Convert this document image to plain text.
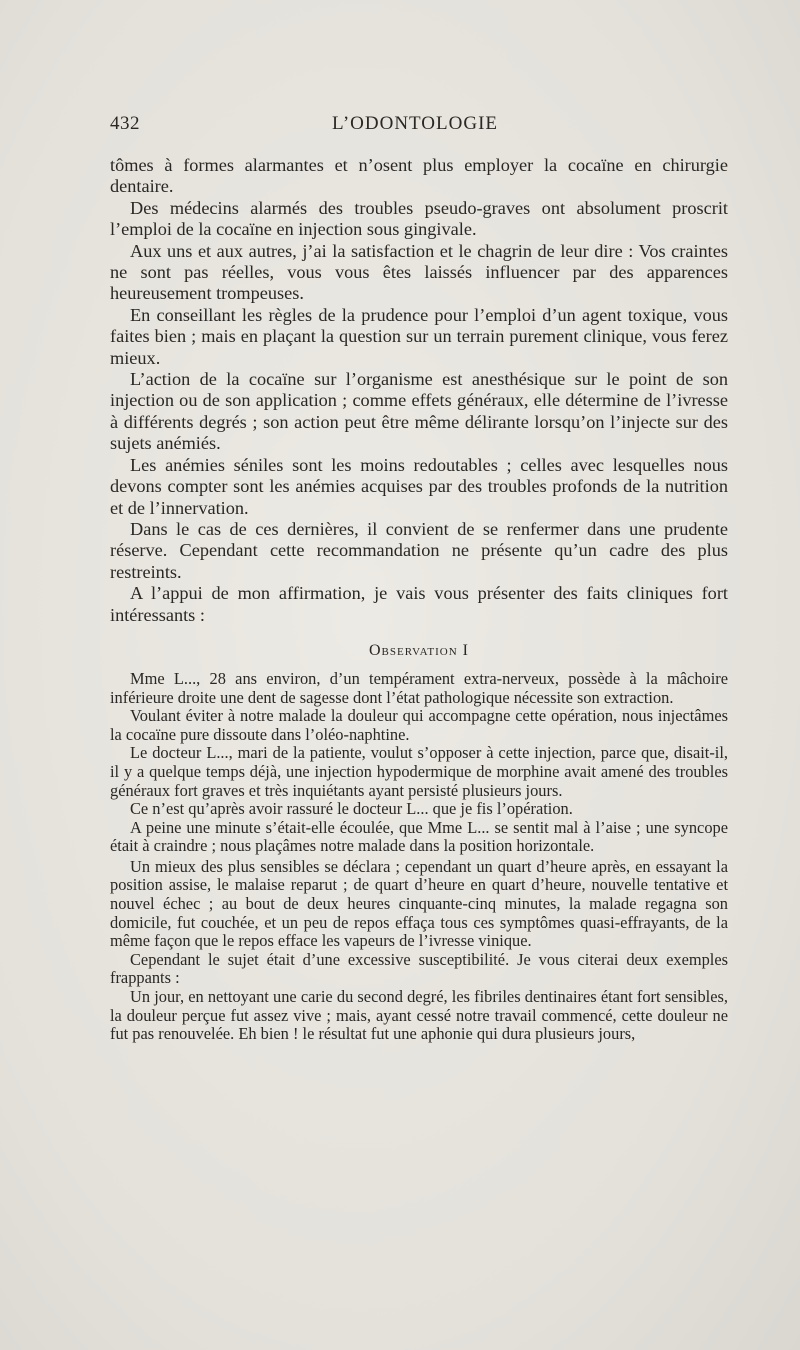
432	L’ODONTOLOGIE

tômes à formes alarmantes et n’osent plus employer la cocaïne en chirurgie dentaire.

Des médecins alarmés des troubles pseudo-graves ont absolument proscrit l’emploi de la cocaïne en injection sous gingivale.

Aux uns et aux autres, j’ai la satisfaction et le chagrin de leur dire : Vos craintes ne sont pas réelles, vous vous êtes laissés influencer par des apparences heureusement trompeuses.

En conseillant les règles de la prudence pour l’emploi d’un agent toxique, vous faites bien ; mais en plaçant la question sur un terrain purement clinique, vous ferez mieux.

L’action de la cocaïne sur l’organisme est anesthésique sur le point de son injection ou de son application ; comme effets généraux, elle détermine de l’ivresse à différents degrés ; son action peut être même délirante lorsqu’on l’injecte sur des sujets anémiés.

Les anémies séniles sont les moins redoutables ; celles avec lesquelles nous devons compter sont les anémies acquises par des troubles profonds de la nutrition et de l’innervation.

Dans le cas de ces dernières, il convient de se renfermer dans une prudente réserve. Cependant cette recommandation ne présente qu’un cadre des plus restreints.

A l’appui de mon affirmation, je vais vous présenter des faits cliniques fort intéressants :

Observation I

Mme L..., 28 ans environ, d’un tempérament extra-nerveux, possède à la mâchoire inférieure droite une dent de sagesse dont l’état pathologique nécessite son extraction.

Voulant éviter à notre malade la douleur qui accompagne cette opération, nous injectâmes la cocaïne pure dissoute dans l’oléo-naphtine.

Le docteur L..., mari de la patiente, voulut s’opposer à cette injection, parce que, disait-il, il y a quelque temps déjà, une injection hypodermique de morphine avait amené des troubles généraux fort graves et très inquiétants ayant persisté plusieurs jours.

Ce n’est qu’après avoir rassuré le docteur L... que je fis l’opération.

A peine une minute s’était-elle écoulée, que Mme L... se sentit mal à l’aise ; une syncope était à craindre ; nous plaçâmes notre malade dans la position horizontale.

Un mieux des plus sensibles se déclara ; cependant un quart d’heure après, en essayant la position assise, le malaise reparut ; de quart d’heure en quart d’heure, nouvelle tentative et nouvel échec ; au bout de deux heures cinquante-cinq minutes, la malade regagna son domicile, fut couchée, et un peu de repos effaça tous ces symptômes quasi-effrayants, de la même façon que le repos efface les vapeurs de l’ivresse vinique.

Cependant le sujet était d’une excessive susceptibilité. Je vous citerai deux exemples frappants :

Un jour, en nettoyant une carie du second degré, les fibriles dentinaires étant fort sensibles, la douleur perçue fut assez vive ; mais, ayant cessé notre travail commencé, cette douleur ne fut pas renouvelée. Eh bien ! le résultat fut une aphonie qui dura plusieurs jours,
